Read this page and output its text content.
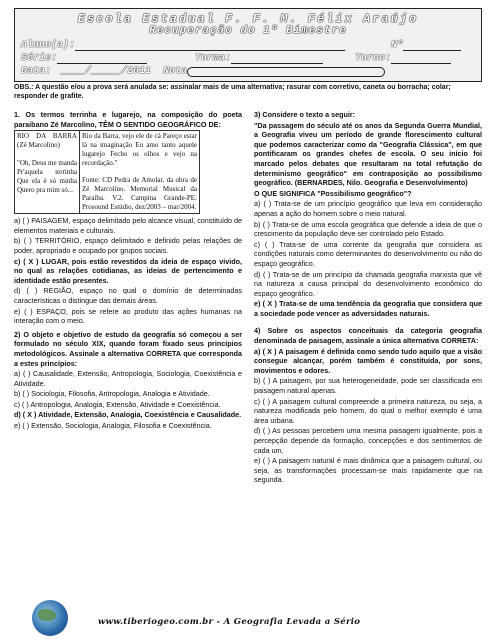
Escola Estadual F. F. M. Félix Araújo
Recuperação do 1º Bimestre
Aluno(a):	Nº
Série:	Turma:	Turno:
Data: ____/_____/2011 Nota
OBS.: A questão e/ou a prova será anulada se: assinalar mais de uma alternativa; rasurar com corretivo, caneta ou borracha; colar; responder de grafite.

1. Os termos terrinha e lugarejo, na composição do poeta paraibano Zé Marcolino, TÊM O SENTIDO GEOGRÁFICO DE:

RIO DA BARRA (Zé Marcolino)
"Oh, Deus me manda Pr'aquela terrinha Que ela é só minha Quero pra mim só...

Rio da Barra, vejo ele de cá Pareço estar lá na imaginação Eu amo tanto aquele lugarejo Fecho os olhos e vejo na recordação."
Fonte: CD Pedra de Amolar, da obra de Zé Marcolino. Memorial Musical da Paraíba. V.2. Campina Grande-PE: Prosound Estúdio, dez/2003 – mar/2004.

a) ( ) PAISAGEM, espaço delimitado pelo alcance visual, constituído de elementos materiais e culturais.

b) ( ) TERRITÓRIO, espaço delimitado e definido pelas relações de poder, apropriado e ocupado por grupos sociais.

c) ( X ) LUGAR, pois estão revestidos da ideia de espaço vivido, no qual as relações cotidianas, as ideias de pertencimento e identidade estão presentes.

d) ( ) REGIÃO, espaço no qual o domínio de determinadas características o distingue das demais áreas.

e) ( ) ESPAÇO, pois se refere ao produto das ações humanas na interação com o meio.

2) O objeto e objetivo de estudo da geografia só começou a ser formulado no século XIX, quando foram fixado seus princípios metodológicos. Assinale a alternativa CORRETA que corresponda a estes princípios:

a) ( ) Causalidade, Extensão, Antropologia, Sociologia, Coexistência e Atividade.

b) ( ) Sociologia, Filosofia, Antropologia, Analogia e Atividade.

c) ( ) Antropologia, Analogia, Extensão, Atividade e Coexistência.

d) ( X ) Atividade, Extensão, Analogia, Coexistência e Causalidade.

e) ( ) Extensão, Sociologia, Analogia, Filosofia e Coexistência.

3) Considere o texto a seguir:

"Da passagem do século até os anos da Segunda Guerra Mundial, a Geografia viveu um período de grande florescimento cultural que podemos caracterizar como da "Geografia Clássica", em que pontificaram os grandes chefes de escola. O seu início foi marcado pelos debates que resultaram na total refutação do determinismo geográfico" em contraposição ao possibilismo geográfico. (BERNARDES, Nilo. Geografia e Desenvolvimento)

O QUE SIGNIFICA "Possibilismo geográfico"?

a) ( ) Trata-se de um princípio geográfico que leva em consideração apenas a ação do homem sobre o meio natural.

b) ( ) Trata-se de uma escola geográfica que defende a ideia de que o crescimento da população deve ser controlado pelo Estado.

c) ( ) Trata-se de uma corrente da geografia que considera as condições naturais como determinantes do desenvolvimento ou não do espaço geográfico.

d) ( ) Trata-se de um princípio da chamada geografia marxista que vê na natureza a causa principal do desenvolvimento econômico do espaço geográfico.

e) ( X ) Trata-se de uma tendência da geografia que considera que a sociedade pode vencer as adversidades naturais.

4) Sobre os aspectos conceituais da categoria geografia denominada de paisagem, assinale a única alternativa CORRETA:

a) ( X ) A paisagem é definida como sendo tudo aquilo que a visão consegue alcançar, porém também é constituída, por sons, movimentos e odores.

b) ( ) A paisagem, por sua heterogeneidade, pode ser classificada em paisagem natural apenas.

c) ( ) A paisagem cultural compreende a primeira natureza, ou seja, a natureza modificada pelo homem, do qual o melhor exemplo é uma área urbana.

d) ( ) As pessoas percebem uma mesma paisagem igualmente, pois a percepção depende da formação, concepções e dos sentimentos de cada um.

e) ( ) A paisagem natural é mais dinâmica que a paisagem cultural, ou seja, as transformações processam-se mais rapidamente que na segunda.

www.tiberiogeo.com.br - A Geografia Levada a Sério
